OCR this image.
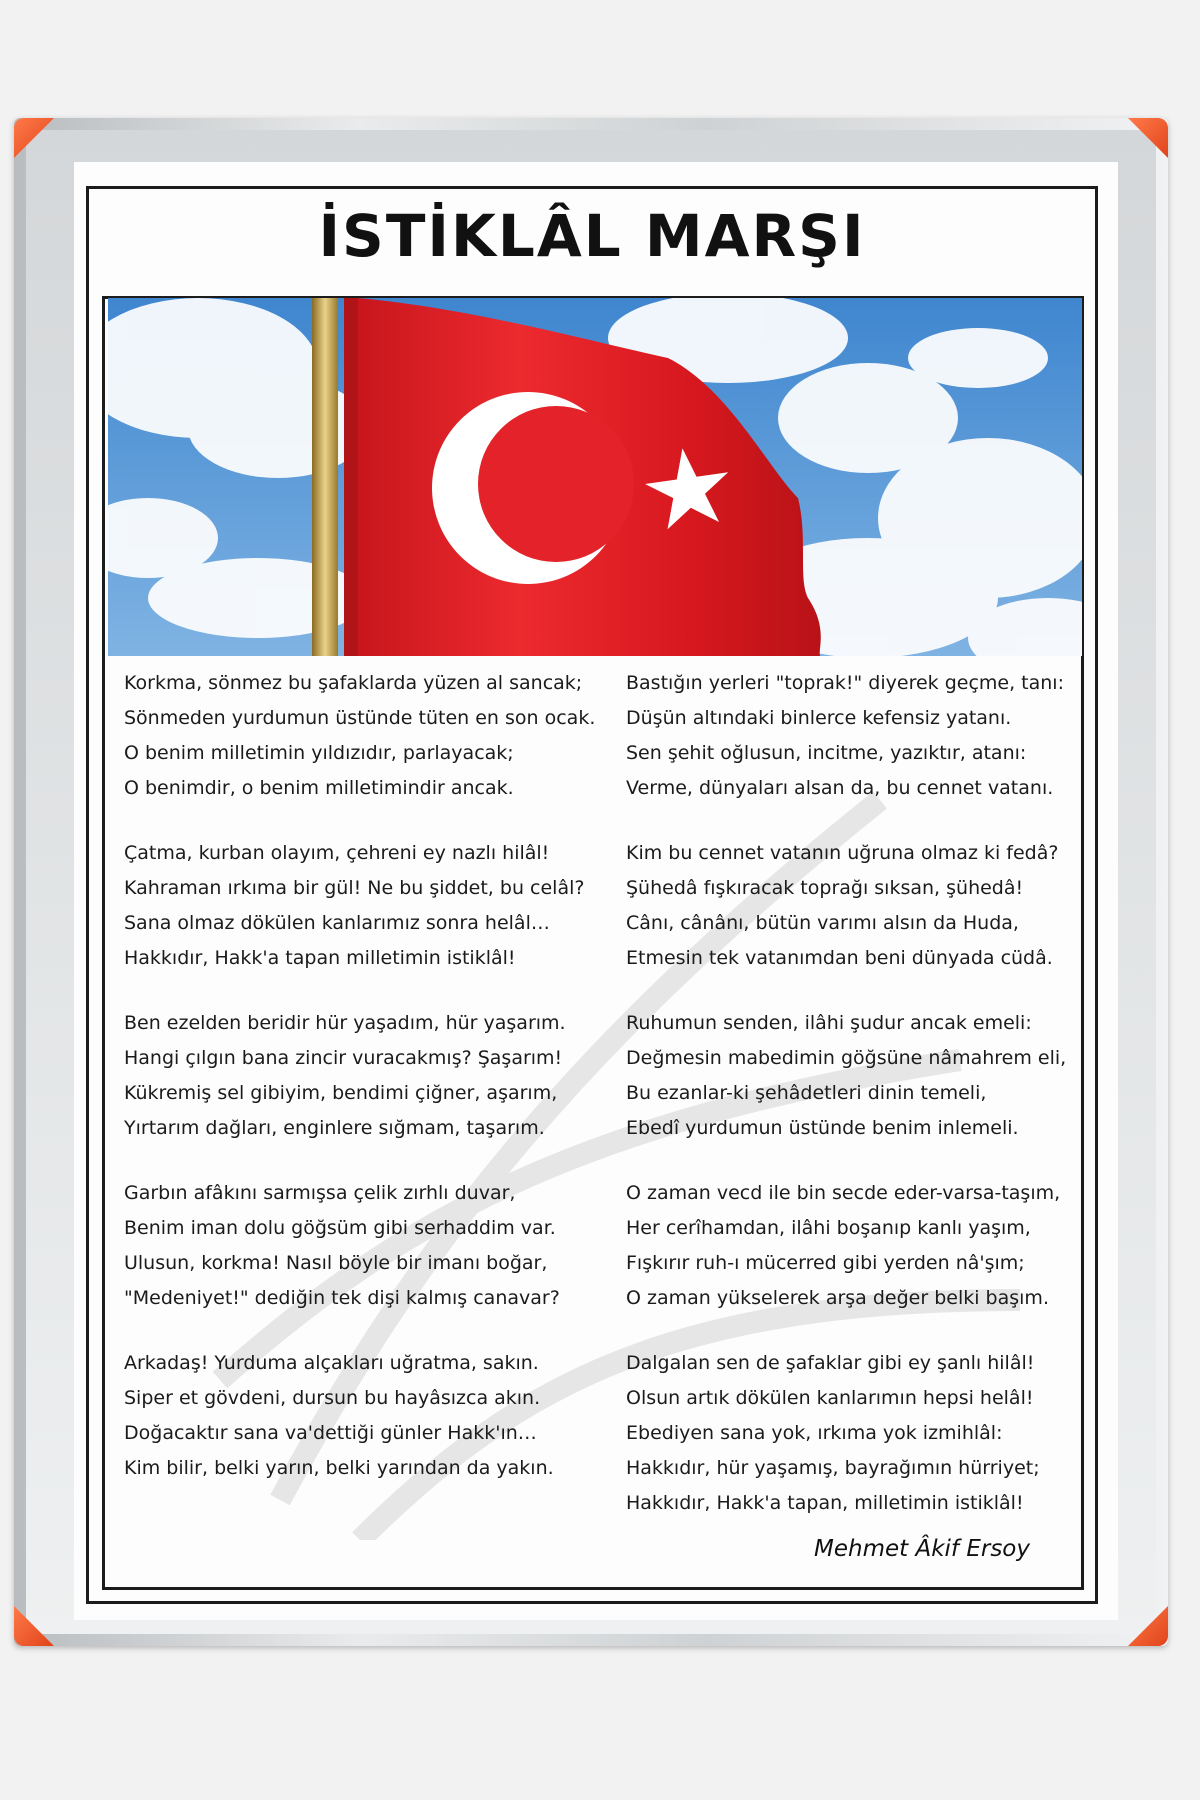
İSTİKLÂL MARŞI
Korkma, sönmez bu şafaklarda yüzen al sancak;
Sönmeden yurdumun üstünde tüten en son ocak.
O benim milletimin yıldızıdır, parlayacak;
O benimdir, o benim milletimindir ancak.
Çatma, kurban olayım, çehreni ey nazlı hilâl!
Kahraman ırkıma bir gül! Ne bu şiddet, bu celâl?
Sana olmaz dökülen kanlarımız sonra helâl…
Hakkıdır, Hakk'a tapan milletimin istiklâl!
Ben ezelden beridir hür yaşadım, hür yaşarım.
Hangi çılgın bana zincir vuracakmış? Şaşarım!
Kükremiş sel gibiyim, bendimi çiğner, aşarım,
Yırtarım dağları, enginlere sığmam, taşarım.
Garbın afâkını sarmışsa çelik zırhlı duvar,
Benim iman dolu göğsüm gibi serhaddim var.
Ulusun, korkma! Nasıl böyle bir imanı boğar,
"Medeniyet!" dediğin tek dişi kalmış canavar?
Arkadaş! Yurduma alçakları uğratma, sakın.
Siper et gövdeni, dursun bu hayâsızca akın.
Doğacaktır sana va'dettiği günler Hakk'ın…
Kim bilir, belki yarın, belki yarından da yakın.
Bastığın yerleri "toprak!" diyerek geçme, tanı:
Düşün altındaki binlerce kefensiz yatanı.
Sen şehit oğlusun, incitme, yazıktır, atanı:
Verme, dünyaları alsan da, bu cennet vatanı.
Kim bu cennet vatanın uğruna olmaz ki fedâ?
Şühedâ fışkıracak toprağı sıksan, şühedâ!
Cânı, cânânı, bütün varımı alsın da Huda,
Etmesin tek vatanımdan beni dünyada cüdâ.
Ruhumun senden, ilâhi şudur ancak emeli:
Değmesin mabedimin göğsüne nâmahrem eli,
Bu ezanlar-ki şehâdetleri dinin temeli,
Ebedî yurdumun üstünde benim inlemeli.
O zaman vecd ile bin secde eder-varsa-taşım,
Her cerîhamdan, ilâhi boşanıp kanlı yaşım,
Fışkırır ruh-ı mücerred gibi yerden nâ'şım;
O zaman yükselerek arşa değer belki başım.
Dalgalan sen de şafaklar gibi ey şanlı hilâl!
Olsun artık dökülen kanlarımın hepsi helâl!
Ebediyen sana yok, ırkıma yok izmihlâl:
Hakkıdır, hür yaşamış, bayrağımın hürriyet;
Hakkıdır, Hakk'a tapan, milletimin istiklâl!
Mehmet Âkif Ersoy
